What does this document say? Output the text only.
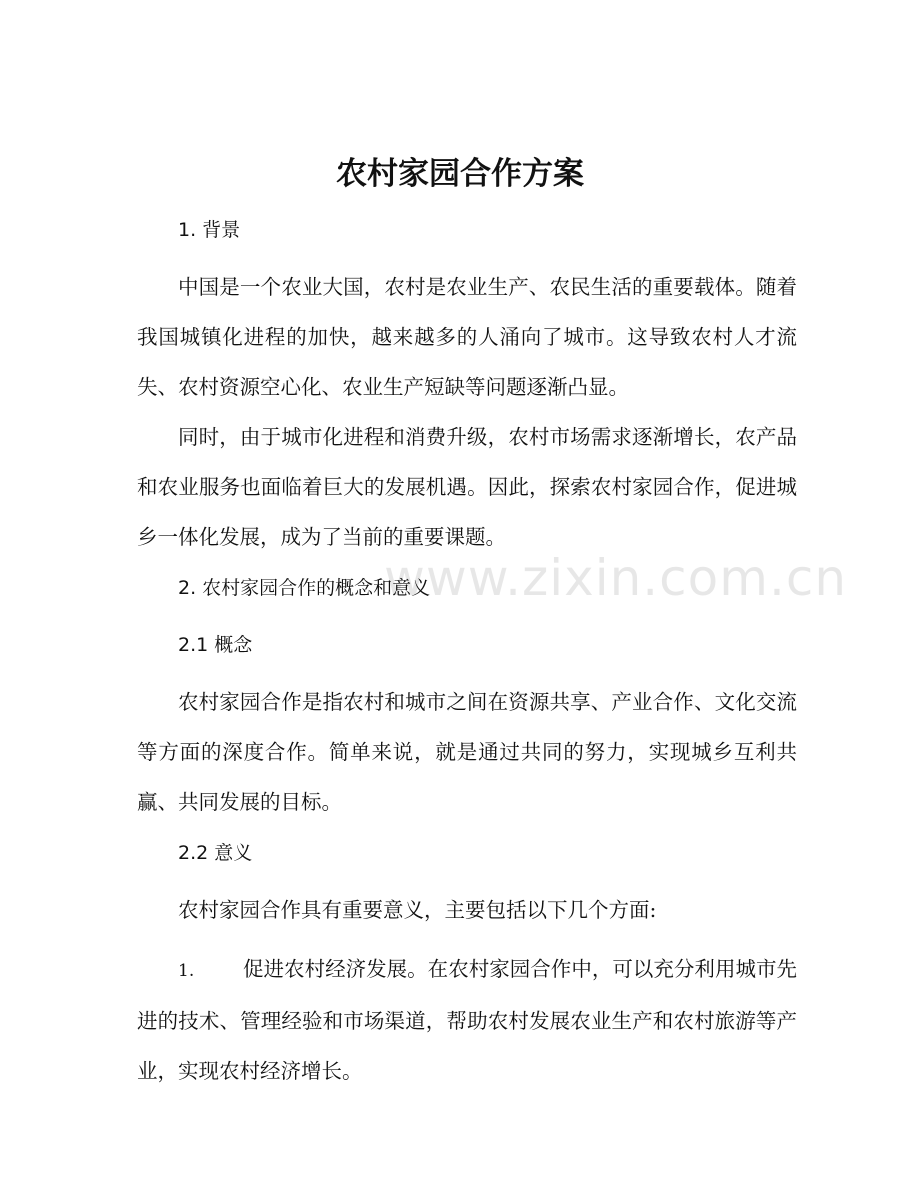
农村家园合作方案
1. 背景

中国是一个农业大国，农村是农业生产、农民生活的重要载体。随着我国城镇化进程的加快，越来越多的人涌向了城市。这导致农村人才流失、农村资源空心化、农业生产短缺等问题逐渐凸显。

同时，由于城市化进程和消费升级，农村市场需求逐渐增长，农产品和农业服务也面临着巨大的发展机遇。因此，探索农村家园合作，促进城乡一体化发展，成为了当前的重要课题。

2. 农村家园合作的概念和意义
2.1 概念

农村家园合作是指农村和城市之间在资源共享、产业合作、文化交流等方面的深度合作。简单来说，就是通过共同的努力，实现城乡互利共赢、共同发展的目标。

2.2 意义

农村家园合作具有重要意义，主要包括以下几个方面:

1. 促进农村经济发展。在农村家园合作中，可以充分利用城市先进的技术、管理经验和市场渠道，帮助农村发展农业生产和农村旅游等产业，实现农村经济增长。

www.zixin.com.cn
